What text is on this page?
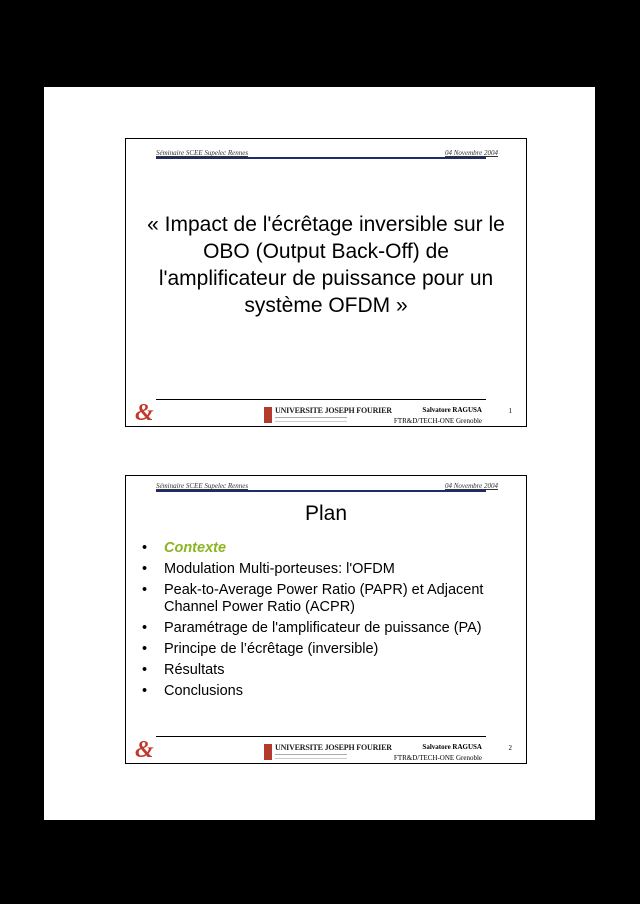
Séminaire SCEE Supelec Rennes	04 Novembre 2004
« Impact de l'écrêtage inversible sur le OBO (Output Back-Off) de l'amplificateur de puissance pour un système OFDM »
&	UNIVERSITE JOSEPH FOURIER	Salvatore RAGUSA
FTR&D/TECH-ONE Grenoble
1
Séminaire SCEE Supelec Rennes	04 Novembre 2004
Plan
• Contexte
• Modulation Multi-porteuses: l'OFDM
• Peak-to-Average Power Ratio (PAPR) et Adjacent Channel Power Ratio (ACPR)
• Paramétrage de l'amplificateur de puissance (PA)
• Principe de l’écrêtage (inversible)
• Résultats
• Conclusions
&	UNIVERSITE JOSEPH FOURIER	Salvatore RAGUSA
FTR&D/TECH-ONE Grenoble
2
